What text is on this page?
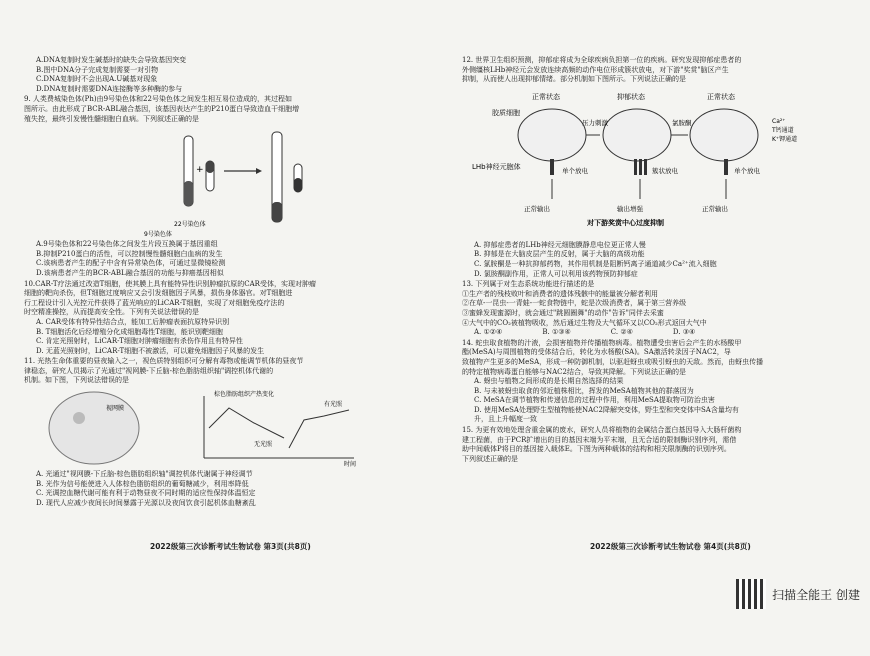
A.DNA复制时发生碱基时的缺失会导致基因突变
B.图中DNA分子完成复制需要一对引物
C.DNA复制时不会出现A.U碱基对现象
D.DNA复制时需要DNA连接酶等多种酶的参与
9. 人类费城染色体(Ph)由9号染色体和22号染色体之间发生相互易位造成的，其过程如
图所示。由此形成了BCR-ABL融合基因，该基因表达产生的P210蛋白导致造血干细胞增
殖失控，最终引发慢性髓细胞白血病。下列叙述正确的是
+
22号染色体
9号染色体
A.9号染色体和22号染色体之间发生片段互换属于基因重组
B.抑制P210蛋白的活性，可以控制慢性髓细胞白血病的发生
C.该病患者产生的配子中含有异常染色体，可通过显微镜检测
D.该病患者产生的BCR-ABL融合基因的功能与抑癌基因相似
10.CAR-T疗法通过改造T细胞，使其膜上具有能特异性识别肿瘤抗原的CAR受体，实现对肿瘤
细胞的靶向杀伤，但T细胞过度响应又会引发细胞因子风暴，损伤身体器官。对T细胞进
行工程设计引入光控元件获得了蓝光响应的LiCAR-T细胞，实现了对细胞免疫疗法的
时空精准操控，从而提高安全性。下列有关说法错误的是
A. CAR受体有特异性结合点，能加工后肿瘤表面抗原特异识别
B. T细胞活化后经增殖分化成细胞毒性T细胞，能识别靶细胞
C. 肯定光照射时，LiCAR-T细胞对肿瘤细胞有杀伤作用且有特异性
D. 无蓝光照射时，LiCAR-T细胞不被激活，可以避免细胞因子风暴的发生
11. 光热生命体重要的昼夜输入之一，视色质特别组织可分解有毒物或能调节机体的昼夜节
律稳态，研究人员揭示了光通过"视网膜-下丘脑-棕色脂肪组织轴"调控机体代谢的
机制。如下图，下列说法错误的是
视网膜
棕色脂肪组织产热变化
有光照
无光照
时间
A. 光通过"视网膜-下丘脑-棕色脂肪组织轴"调控机体代谢属于神经调节
B. 光作为信号能使进入人体棕色脂肪组织的葡萄糖减少，利用率降低
C. 光调控血糖代谢可能有利于动物昼夜不同时期的适应性保持体温恒定
D. 现代人应减少夜间长时间暴露于光源以及夜间饮食引起机体血糖紊乱
2022级第三次诊断考试生物试卷 第3页(共8页)
12. 世界卫生组织预测，抑郁症将成为全球疾病负担第一位的疾病。研究发现抑郁症患者的
外侧缰核LHb神经元会发放连续高频的动作电位形成簇状放电，对下游"奖赏"脑区产生
抑制，从而使人出现抑郁情绪。部分机制如下图所示。下列说法正确的是
正常状态	抑郁状态	正常状态
胶质细胞
压力刺激	氯胺酮
LHb神经元胞体	单个放电	簇状放电	单个放电
正常输出	输出增强	正常输出
对下游奖赏中心过度抑制
Ca²⁺
T钙通道
K⁺钾通道
A. 抑郁症患者的LHb神经元细胞膜静息电位更正常人慢
B. 抑郁是在大脑皮层产生的反射，属于大脑的高级功能
C. 氯胺酮是一种抗抑郁药物，其作用机制是阻断钙离子通道减少Ca²⁺流入细胞
D. 氯胺酮副作用，正常人可以利用该药物预防抑郁症
13. 下列属于对生态系统功能进行描述的是
①生产者的残枝败叶和消费者的遗体残骸中的能量被分解者利用
②在草-一昆虫-一青蛙-一蛇食物链中，蛇是次级消费者，属于第三营养级
③蜜蜂发现蜜源时，就会通过"跳圆圈舞"的动作"告诉"同伴去采蜜
④大气中的CO₂被植物吸收，然后通过生物及大气循环又以CO₂形式返回大气中
A. ①②④	B. ①③④	C. ②④	D. ③④
14. 蛇虫取食植物的汁液，会损害植物并传播植物病毒。植物遭受虫害后会产生的水杨酸甲
酯(MeSA)与周围植物的受体结合后，转化为水杨酸(SA)。SA激活转录因子NAC2，导
致植物产生更多的MeSA，形成一种防御机制，以驱赶蚜虫或吸引蚜虫的天敌。然而，由蚜虫传播
的特定植物病毒蛋白能够与NAC2结合，导致其降解。下列说法正确的是
A. 蚜虫与植物之间形成的是长期自然选择的结果
B. 与未被蚜虫取食的邻近植株相比，挥发的MeSA植物其他的群落因为
C. MeSA在调节植物和传递信息的过程中作用，利用MeSA提取物可防治虫害
D. 使用MeSA处理野生型植物能使NAC2降解突变体，野生型和突变体中SA含量均有
升，且上升幅度一致
15. 为更有效地处理含重金属的废水，研究人员将植物的金属结合蛋白基因导入大肠杆菌构
建工程菌，由于PCR扩增出的目的基因末端为平末端，且无合适的限制酶识别序列，需借
助中间载体P将目的基因接入载体E。下图为两种载体的结构和相关限制酶的识别序列。
下列叙述正确的是
2022级第三次诊断考试生物试卷 第4页(共8页)
扫描全能王 创建
